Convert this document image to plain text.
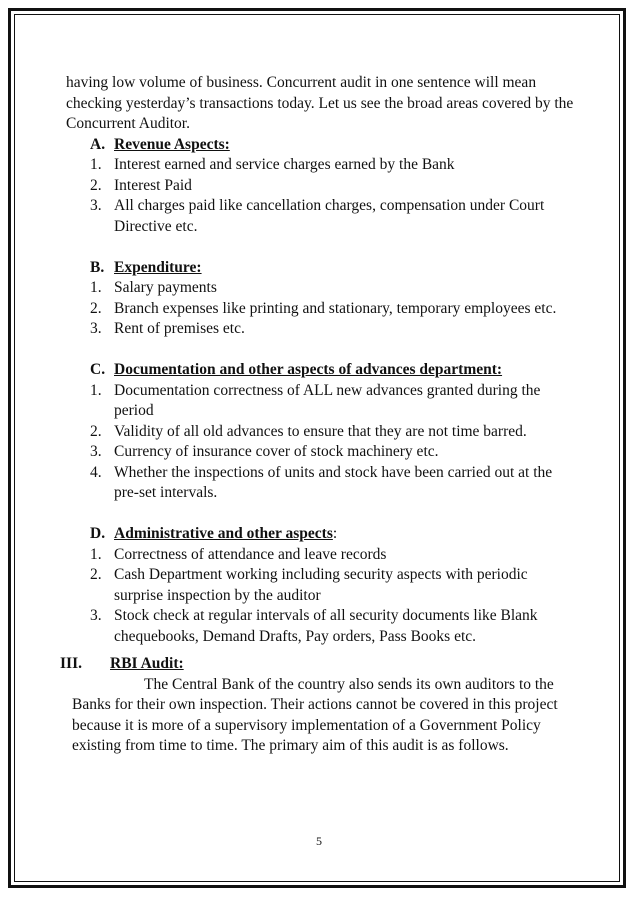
having low volume of business. Concurrent audit in one sentence will mean checking yesterday’s transactions today. Let us see the broad areas covered by the Concurrent Auditor.

A. Revenue Aspects:
1. Interest earned and service charges earned by the Bank
2. Interest Paid
3. All charges paid like cancellation charges, compensation under Court Directive etc.
B. Expenditure:
1. Salary payments
2. Branch expenses like printing and stationary, temporary employees etc.
3. Rent of premises etc.
C. Documentation and other aspects of advances department:
1. Documentation correctness of ALL new advances granted during the period
2. Validity of all old advances to ensure that they are not time barred.
3. Currency of insurance cover of stock machinery etc.
4. Whether the inspections of units and stock have been carried out at the pre-set intervals.
D. Administrative and other aspects :
1. Correctness of attendance and leave records
2. Cash Department working including security aspects with periodic surprise inspection by the auditor
3. Stock check at regular intervals of all security documents like Blank chequebooks, Demand Drafts, Pay orders, Pass Books etc.
III.	RBI Audit:

The Central Bank of the country also sends its own auditors to the Banks for their own inspection. Their actions cannot be covered in this project because it is more of a supervisory implementation of a Government Policy existing from time to time. The primary aim of this audit is as follows.

5
